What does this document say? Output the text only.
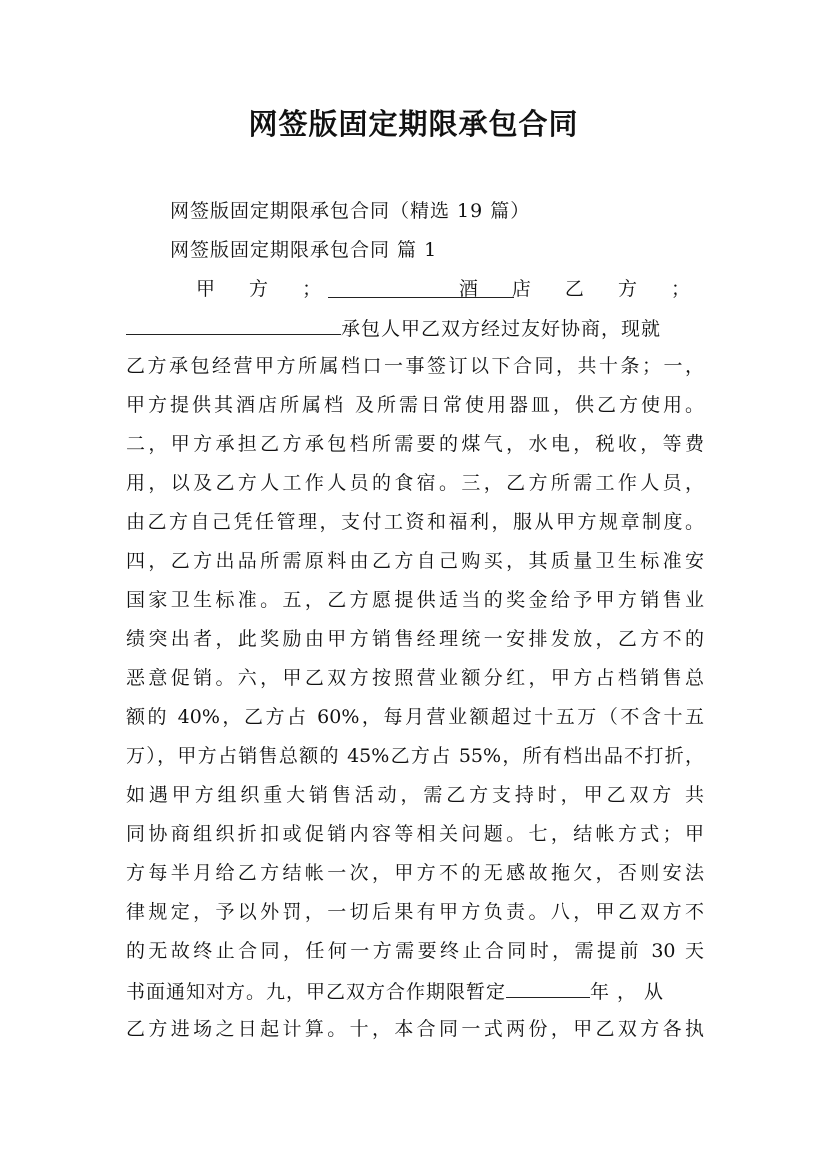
网签版固定期限承包合同
网签版固定期限承包合同（精选 19 篇）
网签版固定期限承包合同 篇 1
甲 方 ；	酒 店 乙 方 ；
承包人甲乙双方经过友好协商，现就
乙方承包经营甲方所属档口一事签订以下合同，共十条；一，
甲方提供其酒店所属档 及所需日常使用器皿，供乙方使用。
二，甲方承担乙方承包档所需要的煤气，水电，税收，等费
用，以及乙方人工作人员的食宿。三，乙方所需工作人员，
由乙方自己凭任管理，支付工资和福利，服从甲方规章制度。
四，乙方出品所需原料由乙方自己购买，其质量卫生标准安
国家卫生标准。五，乙方愿提供适当的奖金给予甲方销售业
绩突出者，此奖励由甲方销售经理统一安排发放，乙方不的
恶意促销。六，甲乙双方按照营业额分红，甲方占档销售总
额的 40%，乙方占 60%，每月营业额超过十五万（不含十五
万），甲方占销售总额的 45%乙方占 55%，所有档出品不打折，
如遇甲方组织重大销售活动，需乙方支持时，甲乙双方 共
同协商组织折扣或促销内容等相关问题。七，结帐方式；甲
方每半月给乙方结帐一次，甲方不的无感故拖欠，否则安法
律规定，予以外罚，一切后果有甲方负责。八，甲乙双方不
的无故终止合同，任何一方需要终止合同时，需提前 30 天
书面通知对方。九，甲乙双方合作期限暂定	年，从
乙方进场之日起计算。十，本合同一式两份，甲乙双方各执
